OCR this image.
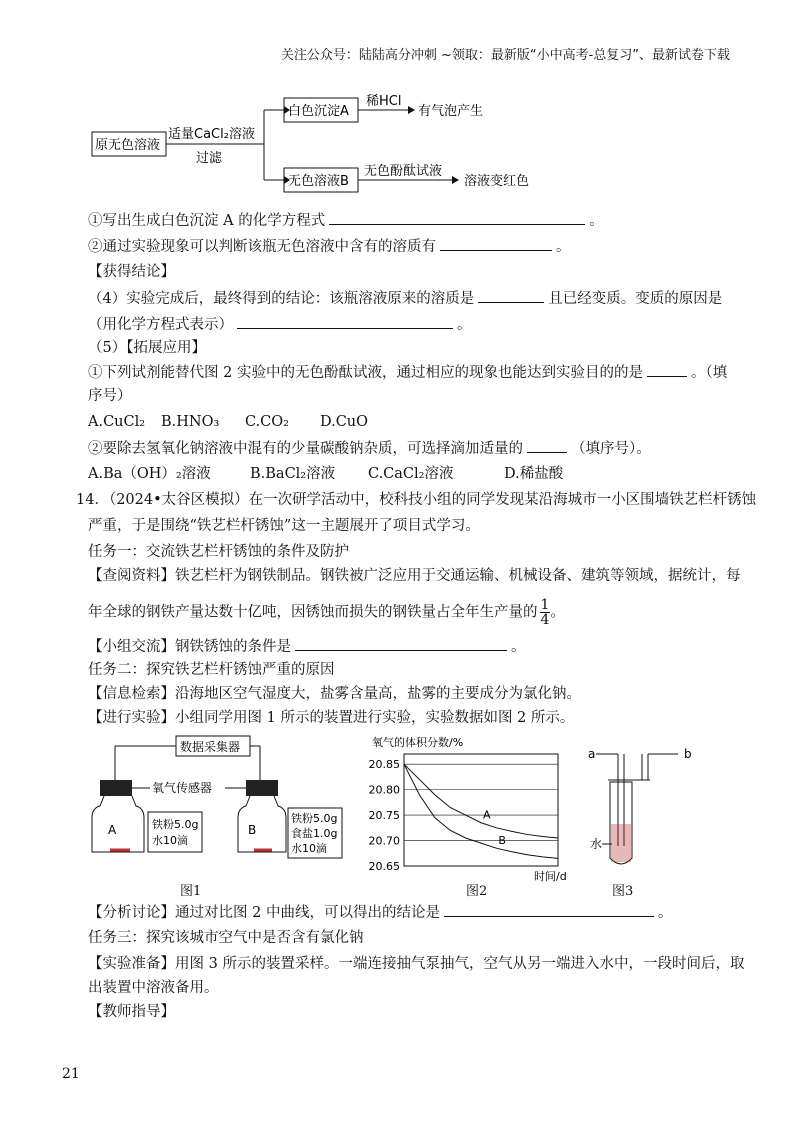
关注公众号：陆陆高分冲刺 ~领取：最新版“小中高考-总复习”、最新试卷下载
原无色溶液
适量CaCl₂溶液
过滤
白色沉淀A
无色溶液B
稀HCl
有气泡产生
无色酚酞试液
溶液变红色
①写出生成白色沉淀 A 的化学方程式	。
②通过实验现象可以判断该瓶无色溶液中含有的溶质有	。
【获得结论】
（4）实验完成后，最终得到的结论：该瓶溶液原来的溶质是	且已经变质。变质的原因是
（用化学方程式表示）	。
（5）【拓展应用】
①下列试剂能替代图 2 实验中的无色酚酞试液，通过相应的现象也能达到实验目的的是	。（填
序号）
A.CuCl₂ B.HNO₃ C.CO₂ D.CuO
②要除去氢氧化钠溶液中混有的少量碳酸钠杂质，可选择滴加适量的	（填序号）。
A.Ba（OH）₂溶液	B.BaCl₂溶液 C.CaCl₂溶液	D.稀盐酸
14．（2024•太谷区模拟）在一次研学活动中，校科技小组的同学发现某沿海城市一小区围墙铁艺栏杆锈蚀
严重，于是围绕“铁艺栏杆锈蚀”这一主题展开了项目式学习。
任务一：交流铁艺栏杆锈蚀的条件及防护
【查阅资料】铁艺栏杆为钢铁制品。钢铁被广泛应用于交通运输、机械设备、建筑等领域，据统计，每
年全球的钢铁产量达数十亿吨，因锈蚀而损失的钢铁量占全年生产量的 $\frac{1}{4}$ 。
【小组交流】钢铁锈蚀的条件是	。
任务二：探究铁艺栏杆锈蚀严重的原因
【信息检索】沿海地区空气湿度大，盐雾含量高，盐雾的主要成分为氯化钠。
【进行实验】小组同学用图 1 所示的装置进行实验，实验数据如图 2 所示。
数据采集器
氧气传感器
A	铁粉5.0g
水10滴
B
铁粉5.0g
食盐1.0g
水10滴
图1
氧气的体积分数/%
20.85
20.80
20.75
20.70
20.65
A
B
时间/d
图2
a	b
水
图3
【分析讨论】通过对比图 2 中曲线，可以得出的结论是	。
任务三：探究该城市空气中是否含有氯化钠
【实验准备】用图 3 所示的装置采样。一端连接抽气泵抽气，空气从另一端进入水中，一段时间后，取
出装置中溶液备用。
【教师指导】
21
